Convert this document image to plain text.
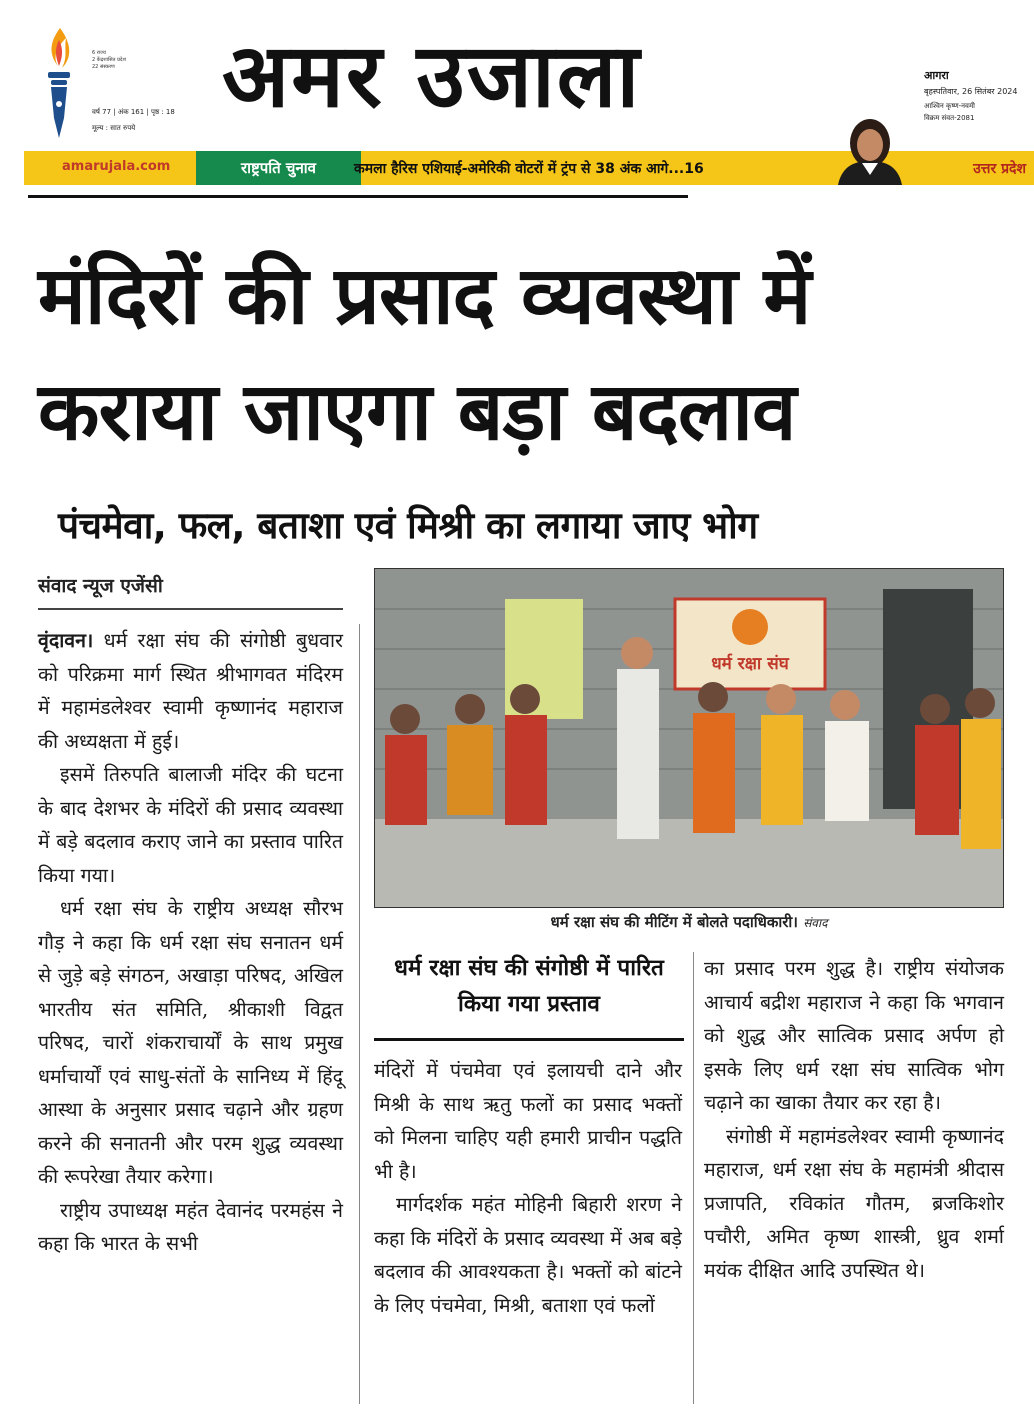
6 राज्य
2 केंद्रशासित प्रदेश
22 संस्करण
वर्ष 77 | अंक 161 | पृष्ठ : 18
मूल्य : सात रुपये
अमर उजाला	आगरा
बृहस्पतिवार, 26 सितंबर 2024
आश्विन कृष्ण-नवमी
विक्रम संवत-2081
amarujala.com	राष्ट्रपति चुनाव	कमला हैरिस एशियाई-अमेरिकी वोटरों में ट्रंप से 38 अंक आगे...16	उत्तर प्रदेश
मंदिरों की प्रसाद व्यवस्था में
कराया जाएगा बड़ा बदलाव
पंचमेवा, फल, बताशा एवं मिश्री का लगाया जाए भोग
संवाद न्यूज एजेंसी

वृंदावन। धर्म रक्षा संघ की संगोष्ठी बुधवार को परिक्रमा मार्ग स्थित श्रीभागवत मंदिरम में महामंडलेश्वर स्वामी कृष्णानंद महाराज की अध्यक्षता में हुई।

इसमें तिरुपति बालाजी मंदिर की घटना के बाद देशभर के मंदिरों की प्रसाद व्यवस्था में बड़े बदलाव कराए जाने का प्रस्ताव पारित किया गया।

धर्म रक्षा संघ के राष्ट्रीय अध्यक्ष सौरभ गौड़ ने कहा कि धर्म रक्षा संघ सनातन धर्म से जुड़े बड़े संगठन, अखाड़ा परिषद, अखिल भारतीय संत समिति, श्रीकाशी विद्वत परिषद, चारों शंकराचार्यों के साथ प्रमुख धर्माचार्यों एवं साधु-संतों के सानिध्य में हिंदू आस्था के अनुसार प्रसाद चढ़ाने और ग्रहण करने की सनातनी और परम शुद्ध व्यवस्था की रूपरेखा तैयार करेगा।

राष्ट्रीय उपाध्यक्ष महंत देवानंद परमहंस ने कहा कि भारत के सभी

धर्म रक्षा संघ
धर्म रक्षा संघ की मीटिंग में बोलते पदाधिकारी। संवाद
धर्म रक्षा संघ की संगोष्ठी में पारित किया गया प्रस्ताव

मंदिरों में पंचमेवा एवं इलायची दाने और मिश्री के साथ ऋतु फलों का प्रसाद भक्तों को मिलना चाहिए यही हमारी प्राचीन पद्धति भी है।

मार्गदर्शक महंत मोहिनी बिहारी शरण ने कहा कि मंदिरों के प्रसाद व्यवस्था में अब बड़े बदलाव की आवश्यकता है। भक्तों को बांटने के लिए पंचमेवा, मिश्री, बताशा एवं फलों

का प्रसाद परम शुद्ध है। राष्ट्रीय संयोजक आचार्य बद्रीश महाराज ने कहा कि भगवान को शुद्ध और सात्विक प्रसाद अर्पण हो इसके लिए धर्म रक्षा संघ सात्विक भोग चढ़ाने का खाका तैयार कर रहा है।

संगोष्ठी में महामंडलेश्वर स्वामी कृष्णानंद महाराज, धर्म रक्षा संघ के महामंत्री श्रीदास प्रजापति, रविकांत गौतम, ब्रजकिशोर पचौरी, अमित कृष्ण शास्त्री, ध्रुव शर्मा मयंक दीक्षित आदि उपस्थित थे।
